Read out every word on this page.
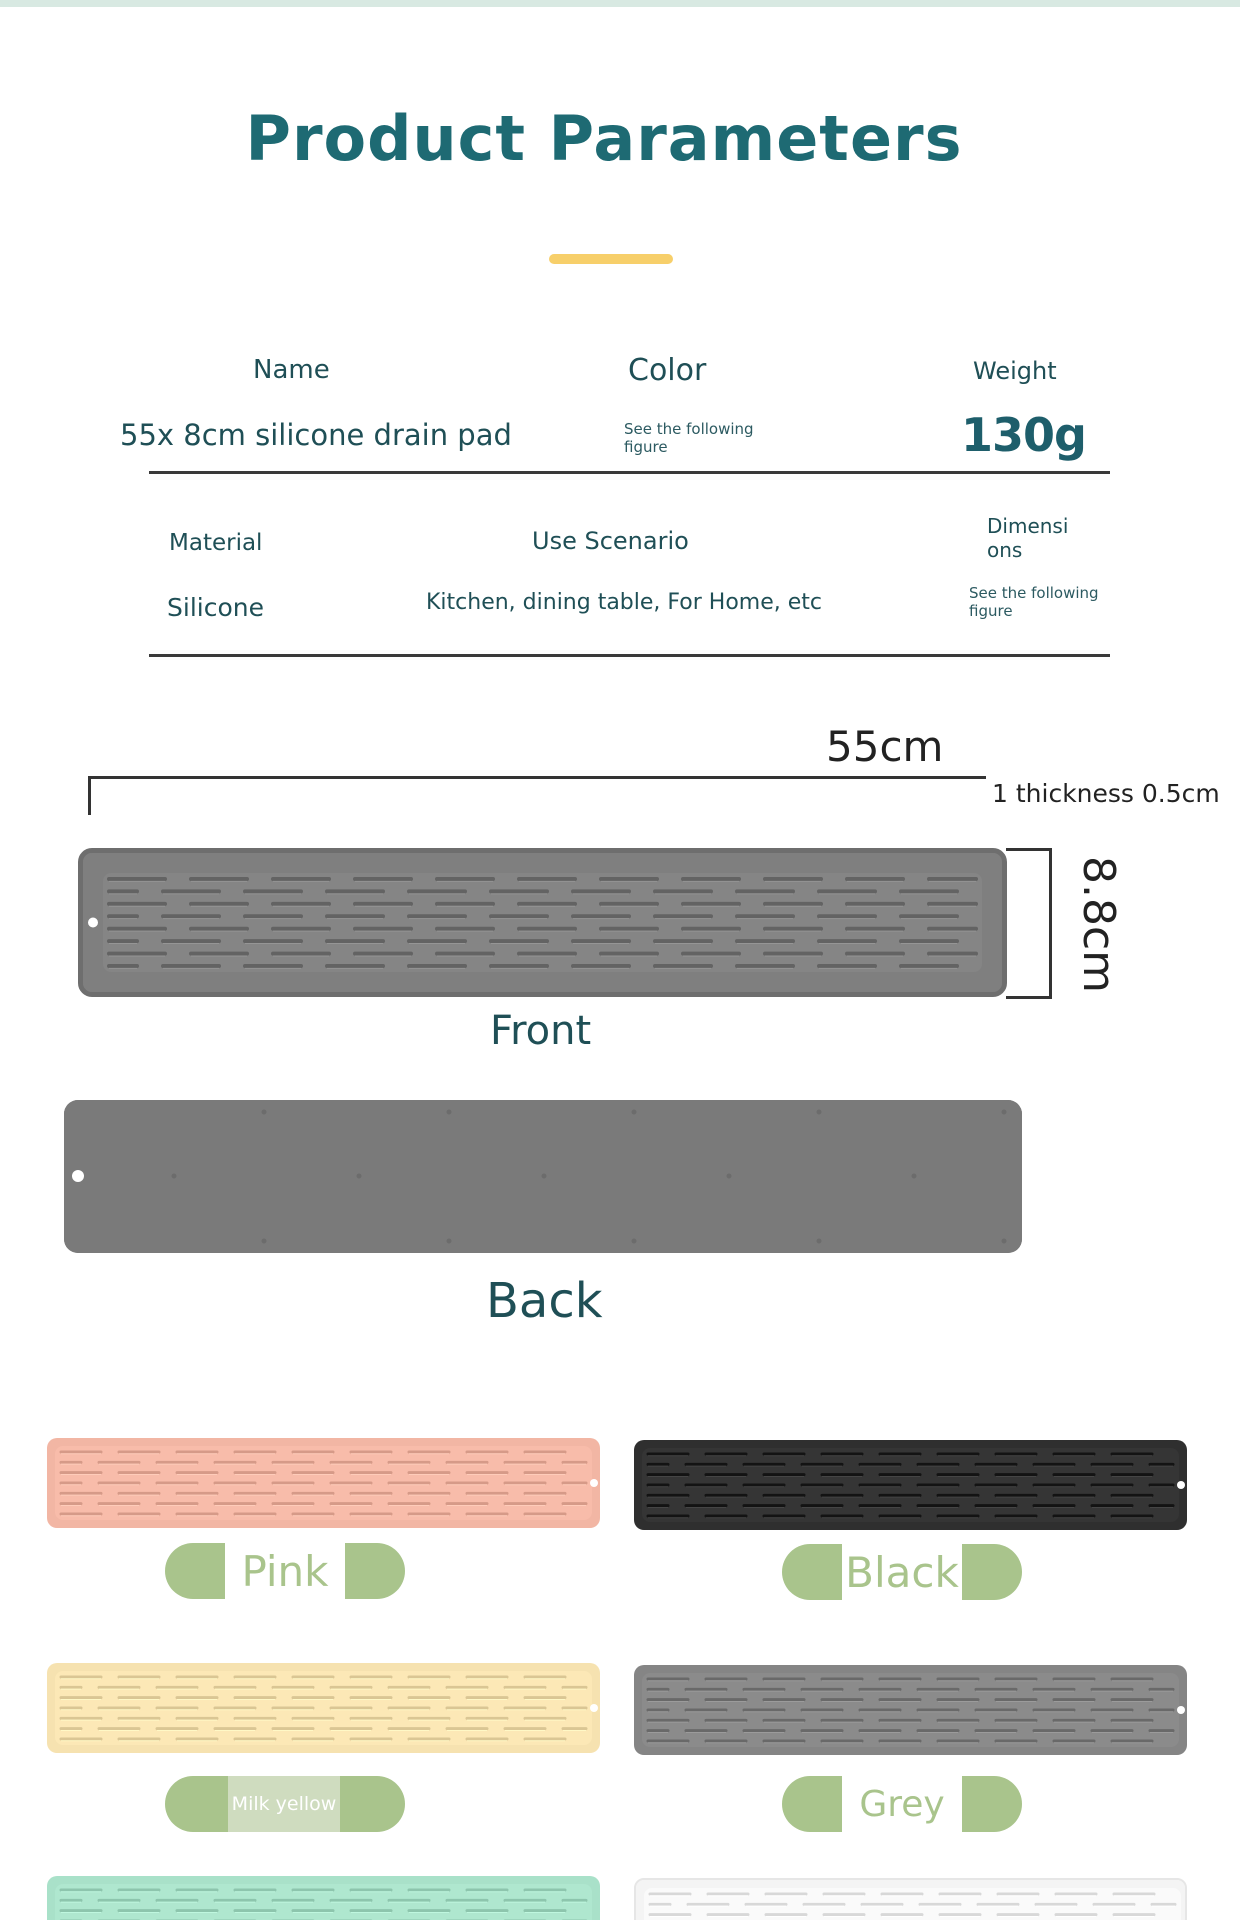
Product Parameters
Name
55x 8cm silicone drain pad
Color
See the following figure
Weight
130g
Material
Silicone
Use Scenario
Kitchen, dining table, For Home, etc
Dimensi ons
See the following figure
55cm
1 thickness 0.5cm
8.8cm
Front
Back
Pink	Black
Milk yellow	Grey
